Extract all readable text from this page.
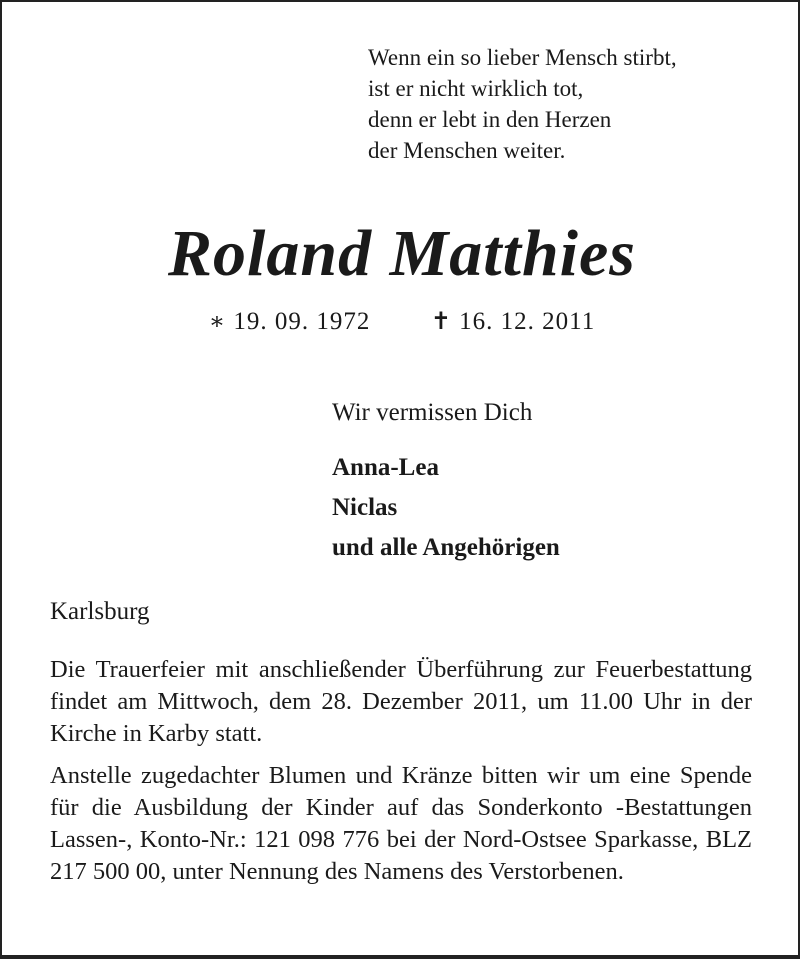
Wenn ein so lieber Mensch stirbt,
ist er nicht wirklich tot,
denn er lebt in den Herzen
der Menschen weiter.
Roland Matthies
∗ 19. 09. 1972	✝ 16. 12. 2011
Wir vermissen Dich
Anna-Lea
Niclas
und alle Angehörigen
Karlsburg
Die Trauerfeier mit anschließender Überführung zur Feuerbestattung findet am Mittwoch, dem 28. Dezember 2011, um 11.00 Uhr in der Kirche in Karby statt.
Anstelle zugedachter Blumen und Kränze bitten wir um eine Spende für die Ausbildung der Kinder auf das Sonderkonto -Bestattungen Lassen-, Konto-Nr.: 121 098 776 bei der Nord-Ostsee Sparkasse, BLZ 217 500 00, unter Nennung des Namens des Verstorbenen.
